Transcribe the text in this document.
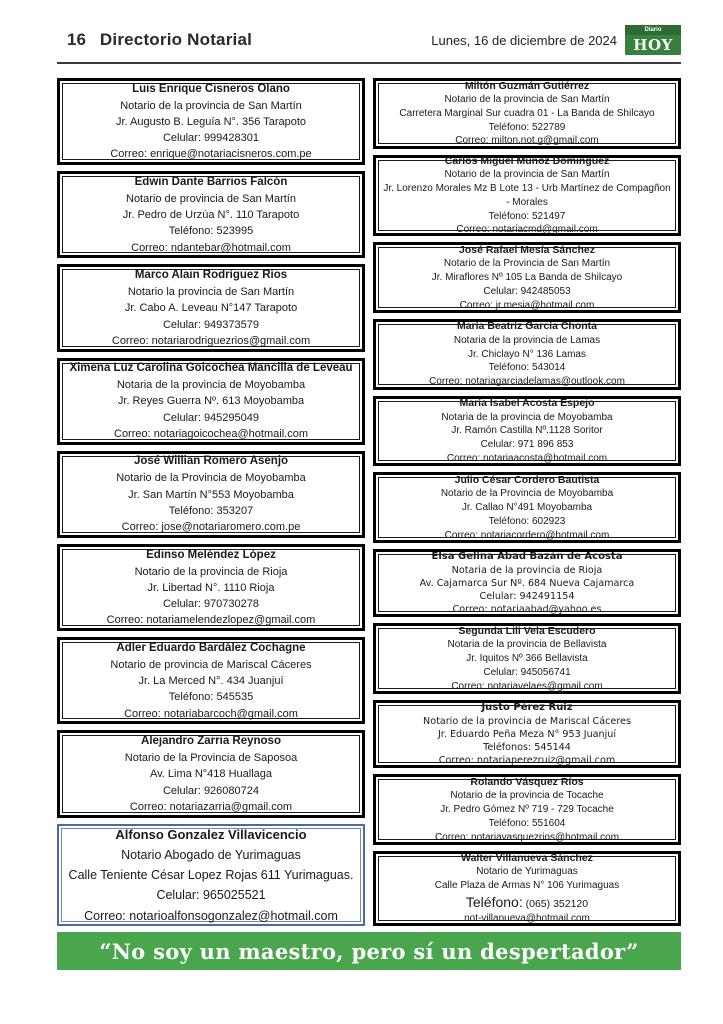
16 Directorio Notarial	Lunes, 16 de diciembre de 2024
Diario
HOY
Luis Enrique Cisneros Olano
Notario de la provincia de San Martín
Jr. Augusto B. Leguía N°. 356 Tarapoto
Celular: 999428301
Correo: enrique@notariacisneros.com.pe
Edwin Dante Barrios Falcón
Notario de provincia de San Martín
Jr. Pedro de Urzúa N°. 110 Tarapoto
Teléfono: 523995
Correo: ndantebar@hotmail.com
Marco Alain Rodríguez Ríos
Notario la provincia de San Martín
Jr. Cabo A. Leveau N°147 Tarapoto
Celular: 949373579
Correo: notariarodriguezrios@gmail.com
Ximena Luz Carolina Goicochea Mancilla de Leveau
Notaria de la provincia de Moyobamba
Jr. Reyes Guerra Nº. 613 Moyobamba
Celular: 945295049
Correo: notariagoicochea@hotmail.com
José Willian Romero Asenjo
Notario de la Provincia de Moyobamba
Jr. San Martín N°553 Moyobamba
Teléfono: 353207
Correo: jose@notariaromero.com.pe
Edinso Meléndez López
Notario de la provincia de Rioja
Jr. Libertad N°. 1110 Rioja
Celular: 970730278
Correo: notariamelendezlopez@gmail.com
Adler Eduardo Bardález Cochagne
Notario de provincia de Mariscal Cáceres
Jr. La Merced N°. 434 Juanjuí
Teléfono: 545535
Correo: notariabarcoch@gmail.com
Alejandro Zarria Reynoso
Notario de la Provincia de Saposoa
Av. Lima N°418 Huallaga
Celular: 926080724
Correo: notariazarria@gmail.com
Alfonso Gonzalez Villavicencio
Notario Abogado de Yurimaguas
Calle Teniente César Lopez Rojas 611 Yurimaguas.
Celular: 965025521
Correo: notarioalfonsogonzalez@hotmail.com
Miltón Guzmán Gutiérrez
Notario de la provincia de San Martín
Carretera Marginal Sur cuadra 01 - La Banda de Shilcayo
Teléfono: 522789
Correo: milton.not.g@gmail.com
Carlos Miguel Muñoz Domínguez
Notario de la provincia de San Martín
Jr. Lorenzo Morales Mz B Lote 13 - Urb Martínez de Compagñon
- Morales
Teléfono: 521497
Correo: notariacmd@gmail.com
José Rafael Mesía Sánchez
Notario de la Provincia de San Martín
Jr. Miraflores Nº 105 La Banda de Shilcayo
Celular: 942485053
Correo: jr.mesia@hotmail.com
María Beatríz García Chonta
Notaria de la provincia de Lamas
Jr. Chiclayo N° 136 Lamas
Teléfono: 543014
Correo: notariagarciadelamas@outlook.com
María Isabel Acosta Espejo
Notaria de la provincia de Moyobamba
Jr. Ramón Castilla Nº.1128 Soritor
Celular: 971 896 853
Correo: notariaacosta@hotmail.com
Julio César Cordero Bautista
Notario de la Provincia de Moyobamba
Jr. Callao N°491 Moyobamba
Teléfono: 602923
Correo: notariacordero@hotmail.com
Elsa Gelina Abad Bazán de Acosta
Notaria de la provincia de Rioja
Av. Cajamarca Sur Nº. 684 Nueva Cajamarca
Celular: 942491154
Correo: notariaabad@yahoo.es
Segunda Lili Vela Escudero
Notaria de la provincia de Bellavista
Jr. Iquitos Nº 366 Bellavista
Celular: 945056741
Correo: notariavelaes@gmail.com
Justo Pérez Ruiz
Notario de la provincia de Mariscal Cáceres
Jr. Eduardo Peña Meza N° 953 Juanjuí
Teléfonos: 545144
Correo: notariaperezruiz@gmail.com
Rolando Vásquez Ríos
Notario de la provincia de Tocache
Jr. Pedro Gómez Nº 719 - 729 Tocache
Teléfono: 551604
Correo: notariavasquezrios@hotmail.com
Walter Villanueva Sánchez
Notario de Yurimaguas
Calle Plaza de Armas N° 106 Yurimaguas
Teléfono: (065) 352120
not-villanueva@hotmail.com
“No soy un maestro, pero sí un despertador”
